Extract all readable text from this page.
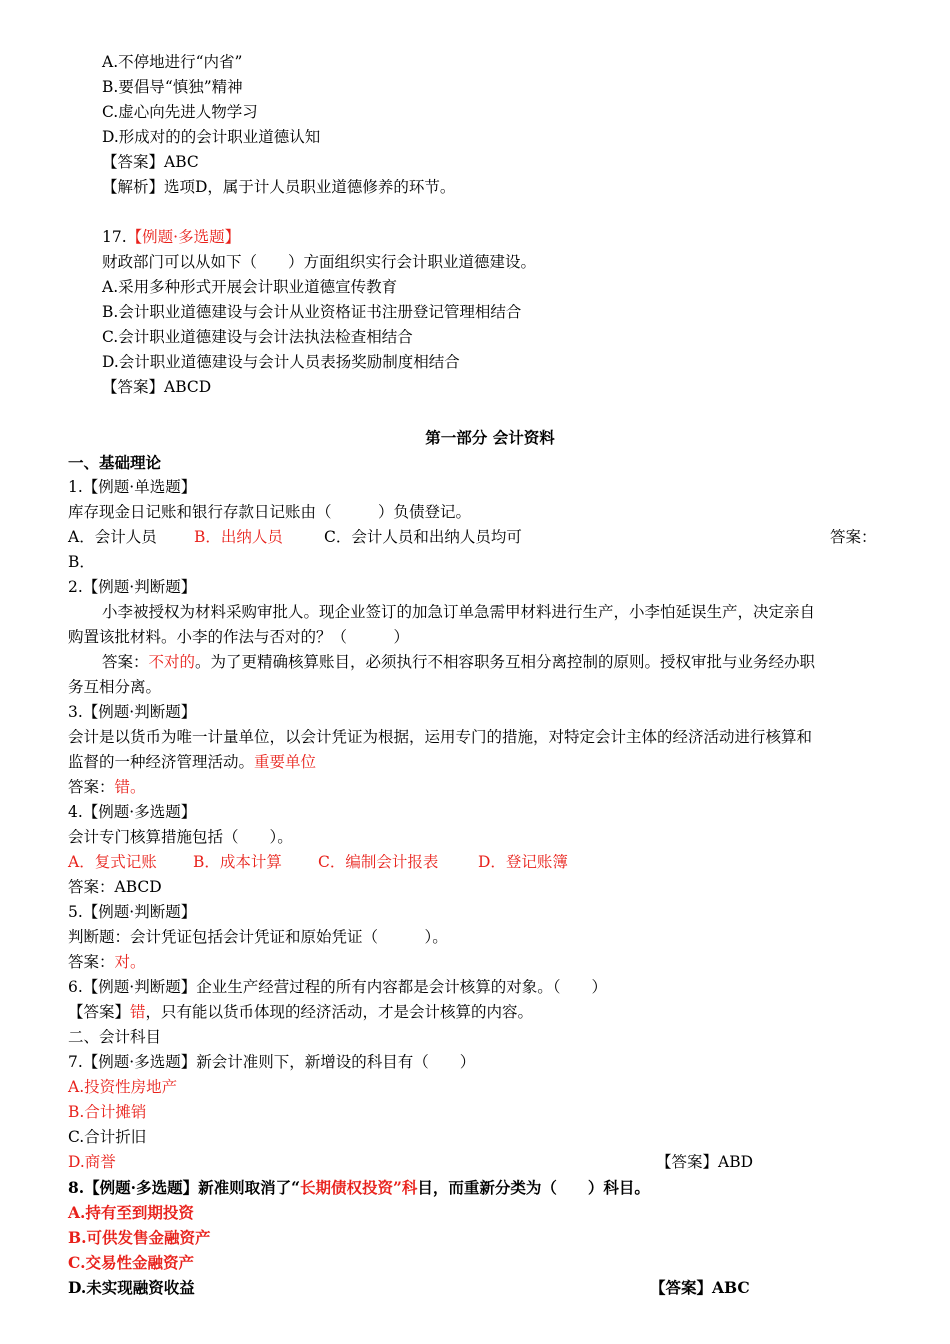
A.不停地进行“内省”
B.要倡导“慎独”精神
C.虚心向先进人物学习
D.形成对的的会计职业道德认知
【答案】ABC
【解析】选项D，属于计人员职业道德修养的环节。
17.【例题·多选题】
财政部门可以从如下（　　）方面组织实行会计职业道德建设。
A.采用多种形式开展会计职业道德宣传教育
B.会计职业道德建设与会计从业资格证书注册登记管理相结合
C.会计职业道德建设与会计法执法检查相结合
D.会计职业道德建设与会计人员表扬奖励制度相结合
【答案】ABCD
第一部分 会计资料
一、基础理论
1.【例题·单选题】
库存现金日记账和银行存款日记账由（　　　）负债登记。
A．会计人员 B．出纳人员	C．会计人员和出纳人员均可	答案：
B．
2.【例题·判断题】
小李被授权为材料采购审批人。现企业签订的加急订单急需甲材料进行生产，小李怕延误生产，决定亲自
购置该批材料。小李的作法与否对的？（　　　）
答案：不对的。为了更精确核算账目，必须执行不相容职务互相分离控制的原则。授权审批与业务经办职
务互相分离。
3.【例题·判断题】
会计是以货币为唯一计量单位，以会计凭证为根据，运用专门的措施，对特定会计主体的经济活动进行核算和
监督的一种经济管理活动。重要单位
答案：错。
4.【例题·多选题】
会计专门核算措施包括（　　）。
A．复式记账 B．成本计算 C．编制会计报表	D．登记账簿
答案：ABCD
5.【例题·判断题】
判断题：会计凭证包括会计凭证和原始凭证（　　　）。
答案：对。
6.【例题·判断题】企业生产经营过程的所有内容都是会计核算的对象。（　　）
【答案】错，只有能以货币体现的经济活动，才是会计核算的内容。
二、会计科目
7.【例题·多选题】新会计准则下，新增设的科目有（　　）
A.投资性房地产
B.合计摊销
C.合计折旧
D.商誉	【答案】ABD
8.【例题·多选题】新准则取消了“长期债权投资”科目，而重新分类为（　　）科目。
A.持有至到期投资
B.可供发售金融资产
C.交易性金融资产
D.未实现融资收益	【答案】ABC
